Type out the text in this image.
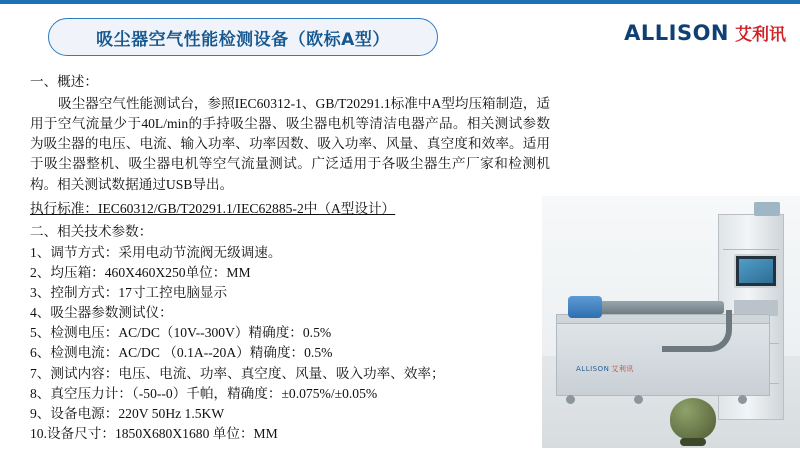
吸尘器空气性能检测设备（欧标A型）	ALLISON 艾利讯

一、概述：

吸尘器空气性能测试台，参照IEC60312-1、GB/T20291.1标准中A型均压箱制造，适用于空气流量少于40L/min的手持吸尘器、吸尘器电机等清洁电器产品。相关测试参数为吸尘器的电压、电流、输入功率、功率因数、吸入功率、风量、真空度和效率。适用于吸尘器整机、吸尘器电机等空气流量测试。广泛适用于各吸尘器生产厂家和检测机构。相关测试数据通过USB导出。

执行标准：IEC60312/GB/T20291.1/IEC62885-2中（A型设计）

二、相关技术参数：

1、调节方式：采用电动节流阀无级调速。
2、均压箱：460X460X250单位：MM
3、控制方式：17寸工控电脑显示
4、吸尘器参数测试仪：
5、检测电压：AC/DC（10V--300V）精确度：0.5%
6、检测电流：AC/DC （0.1A--20A）精确度：0.5%
7、测试内容：电压、电流、功率、真空度、风量、吸入功率、效率；
8、真空压力计：（-50--0）千帕，精确度：±0.075%/±0.05%
9、设备电源：220V 50Hz 1.5KW
10.设备尺寸：1850X680X1680 单位：MM
ALLISON 艾利讯
